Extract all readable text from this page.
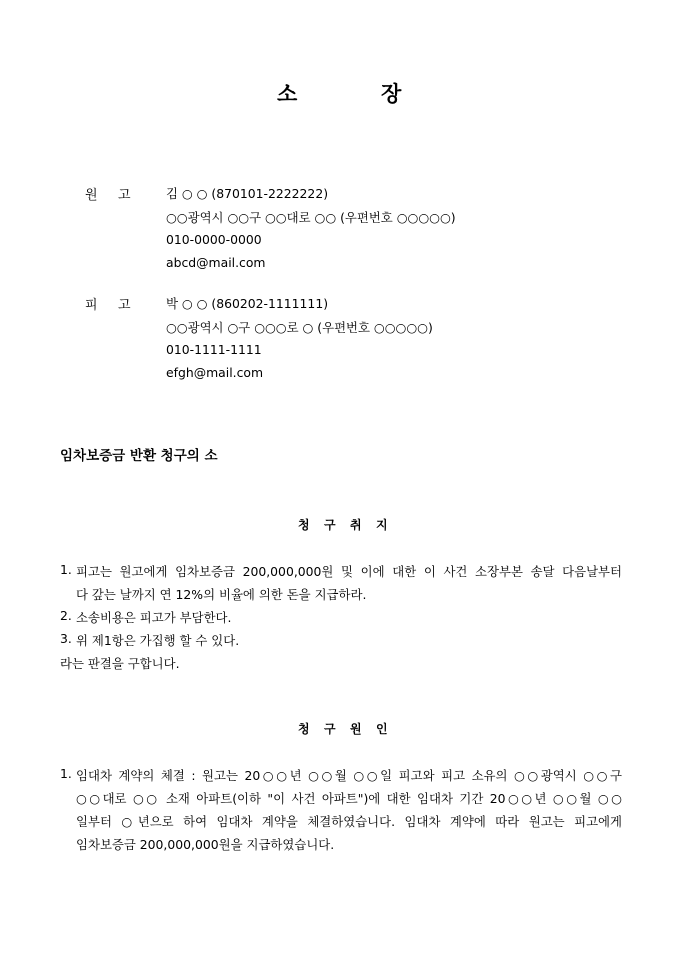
소	장
원 고	김 ○ ○ (870101-2222222)
○○광역시 ○○구 ○○대로 ○○ (우편번호 ○○○○○)
010-0000-0000
abcd@mail.com
피 고	박 ○ ○ (860202-1111111)
○○광역시 ○구 ○○○로 ○ (우편번호 ○○○○○)
010-1111-1111
efgh@mail.com
임차보증금 반환 청구의 소
청 구 취 지
1. 피고는 원고에게 임차보증금 200,000,000원 및 이에 대한 이 사건 소장부본 송달 다음날부터
다 갚는 날까지 연 12%의 비율에 의한 돈을 지급하라.
2. 소송비용은 피고가 부담한다.
3. 위 제1항은 가집행 할 수 있다.
라는 판결을 구합니다.
청 구 원 인
1. 임대차 계약의 체결 : 원고는 20○○년 ○○월 ○○일 피고와 피고 소유의 ○○광역시 ○○구
○○대로 ○○ 소재 아파트(이하 "이 사건 아파트")에 대한 임대차 기간 20○○년 ○○월 ○○
일부터 ○년으로 하여 임대차 계약을 체결하였습니다. 임대차 계약에 따라 원고는 피고에게
임차보증금 200,000,000원을 지급하였습니다.
